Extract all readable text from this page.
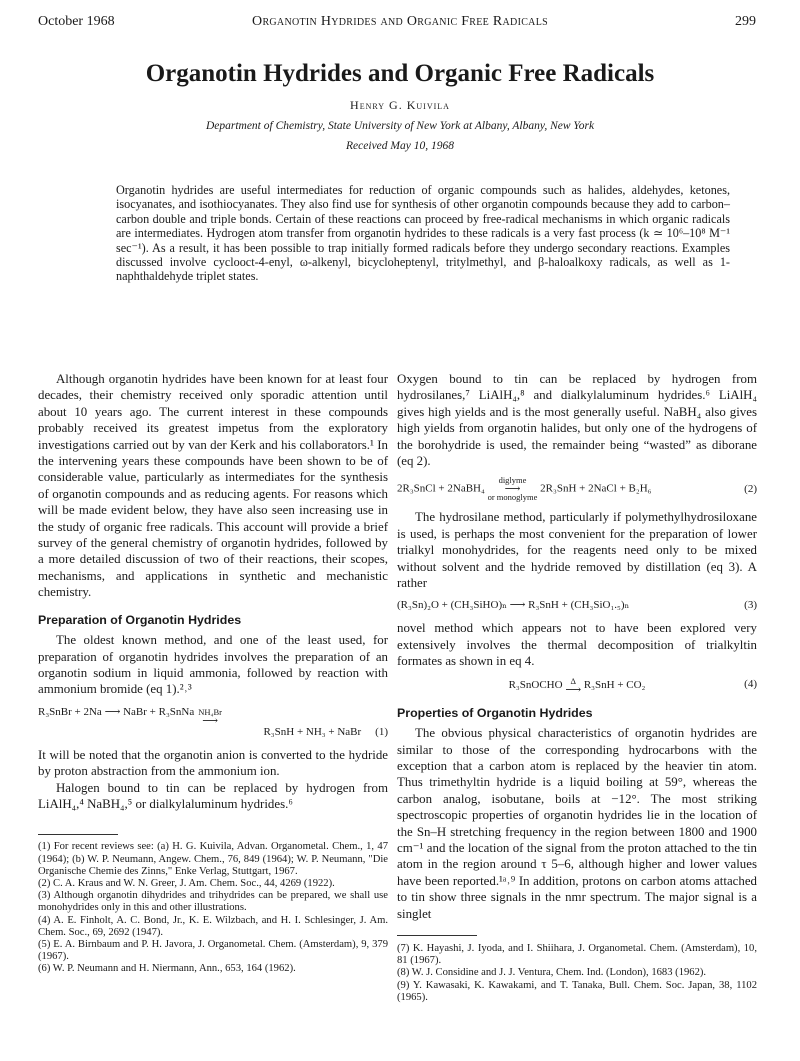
October 1968	Organotin Hydrides and Organic Free Radicals	299
Organotin Hydrides and Organic Free Radicals
Henry G. Kuivila
Department of Chemistry, State University of New York at Albany, Albany, New York
Received May 10, 1968

Organotin hydrides are useful intermediates for reduction of organic compounds such as halides, aldehydes, ketones, isocyanates, and isothiocyanates. They also find use for synthesis of other organotin compounds because they add to carbon–carbon double and triple bonds. Certain of these reactions can proceed by free-radical mechanisms in which organic radicals are intermediates. Hydrogen atom transfer from organotin hydrides to these radicals is a very fast process (k ≃ 10⁶–10⁸ M⁻¹ sec⁻¹). As a result, it has been possible to trap initially formed radicals before they undergo secondary reactions. Examples discussed involve cyclooct-4-enyl, ω-alkenyl, bicycloheptenyl, tritylmethyl, and β-haloalkoxy radicals, as well as 1-naphthaldehyde triplet states.

Although organotin hydrides have been known for at least four decades, their chemistry received only sporadic attention until about 10 years ago. The current interest in these compounds probably received its greatest impetus from the exploratory investigations carried out by van der Kerk and his collaborators.¹ In the intervening years these compounds have been shown to be of considerable value, particularly as intermediates for the synthesis of organotin compounds and as reducing agents. For reasons which will be made evident below, they have also seen increasing use in the study of organic free radicals. This account will provide a brief survey of the general chemistry of organotin hydrides, followed by a more detailed discussion of two of their reactions, their scopes, mechanisms, and applications in synthetic and mechanistic chemistry.

Preparation of Organotin Hydrides

The oldest known method, and one of the least used, for preparation of organotin hydrides involves the preparation of an organotin sodium in liquid ammonia, followed by reaction with ammonium bromide (eq 1).²˒³

R₃SnBr + 2Na ⟶ NaBr + R₃SnNa NH₄Br
⟶
R₃SnH + NH₃ + NaBr (1)

It will be noted that the organotin anion is converted to the hydride by proton abstraction from the ammonium ion.

Halogen bound to tin can be replaced by hydrogen from LiAlH₄,⁴ NaBH₄,⁵ or dialkylaluminum hydrides.⁶

(1) For recent reviews see: (a) H. G. Kuivila, Advan. Organometal. Chem., 1, 47 (1964); (b) W. P. Neumann, Angew. Chem., 76, 849 (1964); W. P. Neumann, "Die Organische Chemie des Zinns," Enke Verlag, Stuttgart, 1967.

(2) C. A. Kraus and W. N. Greer, J. Am. Chem. Soc., 44, 4269 (1922).

(3) Although organotin dihydrides and trihydrides can be prepared, we shall use monohydrides only in this and other illustrations.

(4) A. E. Finholt, A. C. Bond, Jr., K. E. Wilzbach, and H. I. Schlesinger, J. Am. Chem. Soc., 69, 2692 (1947).

(5) E. A. Birnbaum and P. H. Javora, J. Organometal. Chem. (Amsterdam), 9, 379 (1967).

(6) W. P. Neumann and H. Niermann, Ann., 653, 164 (1962).

Oxygen bound to tin can be replaced by hydrogen from hydrosilanes,⁷ LiAlH₄,⁸ and dialkylaluminum hydrides.⁶ LiAlH₄ gives high yields and is the most generally useful. NaBH₄ also gives high yields from organotin halides, but only one of the hydrogens of the borohydride is used, the remainder being “wasted” as diborane (eq 2).

2R₃SnCl + 2NaBH₄ diglyme
⟶
or monoglyme 2R₃SnH + 2NaCl + B₂H₆	(2)

The hydrosilane method, particularly if polymethylhydrosiloxane is used, is perhaps the most convenient for the preparation of lower trialkyl monohydrides, for the reagents need only to be mixed without solvent and the hydride removed by distillation (eq 3). A rather

(R₃Sn)₂O + (CH₃SiHO)ₙ ⟶ R₃SnH + (CH₃SiO₁.₅)ₙ	(3)

novel method which appears not to have been explored very extensively involves the thermal decomposition of trialkyltin formates as shown in eq 4.

R₃SnOCHO Δ
⟶ R₃SnH + CO₂	(4)
Properties of Organotin Hydrides

The obvious physical characteristics of organotin hydrides are similar to those of the corresponding hydrocarbons with the exception that a carbon atom is replaced by the heavier tin atom. Thus trimethyltin hydride is a liquid boiling at 59°, whereas the carbon analog, isobutane, boils at −12°. The most striking spectroscopic properties of organotin hydrides lie in the location of the Sn–H stretching frequency in the region between 1800 and 1900 cm⁻¹ and the location of the signal from the proton attached to the tin atom in the region around τ 5–6, although higher and lower values have been reported.¹ᵃ˒⁹ In addition, protons on carbon atoms attached to tin show three signals in the nmr spectrum. The major signal is a singlet

(7) K. Hayashi, J. Iyoda, and I. Shiihara, J. Organometal. Chem. (Amsterdam), 10, 81 (1967).

(8) W. J. Considine and J. J. Ventura, Chem. Ind. (London), 1683 (1962).

(9) Y. Kawasaki, K. Kawakami, and T. Tanaka, Bull. Chem. Soc. Japan, 38, 1102 (1965).
